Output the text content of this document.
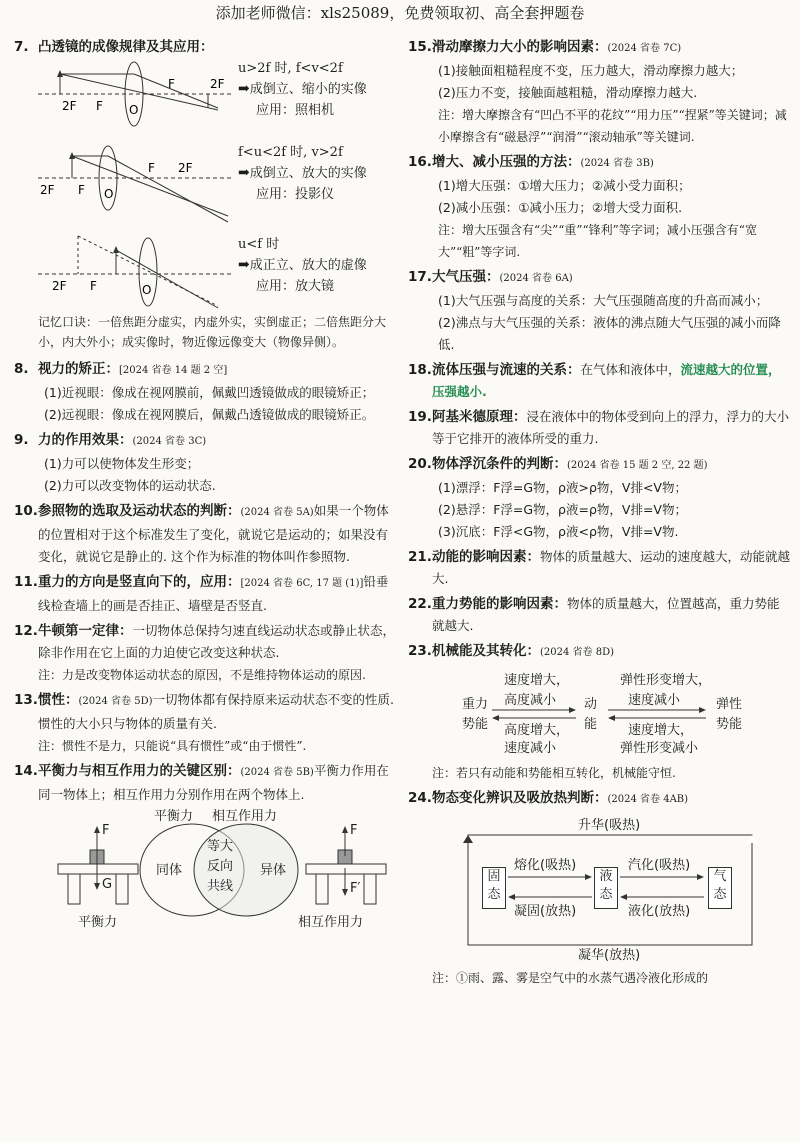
添加老师微信：xls25089，免费领取初、高全套押题卷
7. 凸透镜的成像规律及其应用：
2F F O
F	2F
u>2f 时, f<v<2f
➡成倒立、缩小的实像
应用：照相机
2F F O
F 2F
f<u<2f 时, v>2f
➡成倒立、放大的实像
应用：投影仪
2F F	O
u<f 时
➡成正立、放大的虚像
应用：放大镜
记忆口诀：一倍焦距分虚实，内虚外实，实倒虚正；二倍焦距分大小，内大外小；成实像时，物近像远像变大（物像异侧）。
8. 视力的矫正：[2024 省卷 14 题 2 空]
(1)近视眼：像成在视网膜前，佩戴凹透镜做成的眼镜矫正；
(2)远视眼：像成在视网膜后，佩戴凸透镜做成的眼镜矫正。
9. 力的作用效果：(2024 省卷 3C)
(1)力可以使物体发生形变；
(2)力可以改变物体的运动状态.
10. 参照物的选取及运动状态的判断：(2024 省卷 5A)如果一个物体的位置相对于这个标准发生了变化，就说它是运动的；如果没有变化，就说它是静止的. 这个作为标准的物体叫作参照物.
11. 重力的方向是竖直向下的，应用：[2024 省卷 6C, 17 题 (1)]铅垂线检查墙上的画是否挂正、墙壁是否竖直.
12. 牛顿第一定律：一切物体总保持匀速直线运动状态或静止状态，除非作用在它上面的力迫使它改变这种状态.
注：力是改变物体运动状态的原因，不是维持物体运动的原因.
13. 惯性：(2024 省卷 5D)一切物体都有保持原来运动状态不变的性质.
惯性的大小只与物体的质量有关.
注：惯性不是力，只能说“具有惯性”或“由于惯性”.
14. 平衡力与相互作用力的关键区别：(2024 省卷 5B)平衡力作用在同一物体上；相互作用力分别作用在两个物体上.
F
G
F
F′
平衡力 相互作用力
同体	异体
等大
反向
共线
平衡力	相互作用力
15. 滑动摩擦力大小的影响因素：(2024 省卷 7C)
(1)接触面粗糙程度不变，压力越大，滑动摩擦力越大；
(2)压力不变，接触面越粗糙，滑动摩擦力越大.
注：增大摩擦含有“凹凸不平的花纹”“用力压”“捏紧”等关键词；减小摩擦含有“磁悬浮”“润滑”“滚动轴承”等关键词.
16. 增大、减小压强的方法：(2024 省卷 3B)
(1)增大压强：①增大压力；②减小受力面积；
(2)减小压强：①减小压力；②增大受力面积.
注：增大压强含有“尖”“重”“锋利”等字词；减小压强含有“宽大”“粗”等字词.
17. 大气压强：(2024 省卷 6A)
(1)大气压强与高度的关系：大气压强随高度的升高而减小；
(2)沸点与大气压强的关系：液体的沸点随大气压强的减小而降低.
18. 流体压强与流速的关系：在气体和液体中，流速越大的位置，压强越小.
19. 阿基米德原理：浸在液体中的物体受到向上的浮力，浮力的大小等于它排开的液体所受的重力.
20. 物体浮沉条件的判断：(2024 省卷 15 题 2 空, 22 题)
(1)漂浮：F浮=G物，ρ液>ρ物，V排<V物；
(2)悬浮：F浮=G物，ρ液=ρ物，V排=V物；
(3)沉底：F浮<G物，ρ液<ρ物，V排=V物.
21. 动能的影响因素：物体的质量越大、运动的速度越大，动能就越大.
22. 重力势能的影响因素：物体的质量越大，位置越高，重力势能就越大.
23. 机械能及其转化：(2024 省卷 8D)
重力
势能
动
能
弹性
势能
速度增大，
高度减小
高度增大，
速度减小
弹性形变增大，
速度减小
速度增大，
弹性形变减小
注：若只有动能和势能相互转化，机械能守恒.
24. 物态变化辨识及吸放热判断：(2024 省卷 4AB)
固态
液态
气态
升华(吸热)
凝华(放热)
熔化(吸热)
凝固(放热)
汽化(吸热)
液化(放热)
注：①雨、露、雾是空气中的水蒸气遇冷液化形成的
